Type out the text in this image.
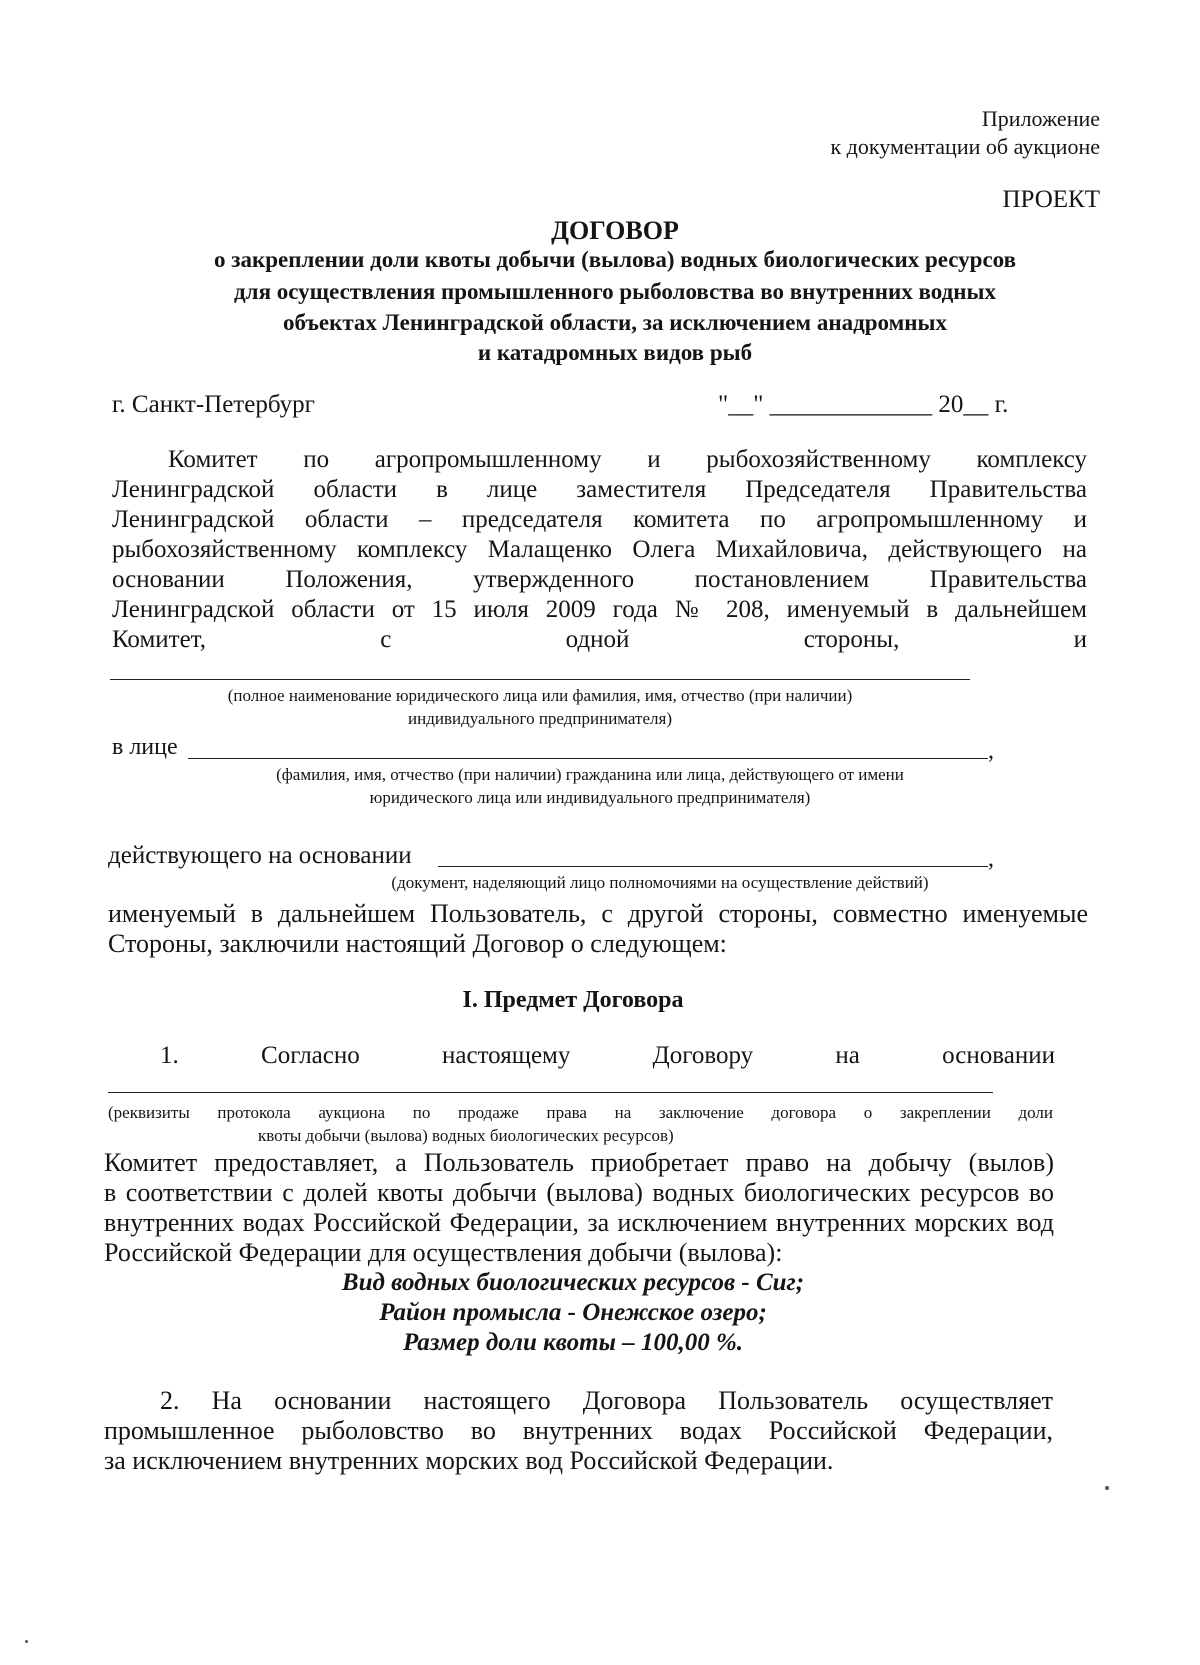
Приложение
к документации об аукционе
ПРОЕКТ
ДОГОВОР
о закреплении доли квоты добычи (вылова) водных биологических ресурсов
для осуществления промышленного рыболовства во внутренних водных
объектах Ленинградской области, за исключением анадромных
и катадромных видов рыб
г. Санкт-Петербург	"__" _____________ 20__ г.
Комитет по агропромышленному и рыбохозяйственному комплексу
Ленинградской области в лице заместителя Председателя Правительства
Ленинградской области – председателя комитета по агропромышленному и
рыбохозяйственному комплексу Малащенко Олега Михайловича, действующего на
основании Положения, утвержденного постановлением Правительства
Ленинградской области от 15 июля 2009 года № 208, именуемый в дальнейшем
Комитет, с одной стороны, и
(полное наименование юридического лица или фамилия, имя, отчество (при наличии)
индивидуального предпринимателя)
в лице	,
(фамилия, имя, отчество (при наличии) гражданина или лица, действующего от имени
юридического лица или индивидуального предпринимателя)
действующего на основании	,
(документ, наделяющий лицо полномочиями на осуществление действий)
именуемый в дальнейшем Пользователь, с другой стороны, совместно именуемые
Стороны, заключили настоящий Договор о следующем:
I. Предмет Договора
1. Согласно настоящему Договору на основании
(реквизиты протокола аукциона по продаже права на заключение договора о закреплении доли
квоты добычи (вылова) водных биологических ресурсов)
Комитет предоставляет, а Пользователь приобретает право на добычу (вылов)
в соответствии с долей квоты добычи (вылова) водных биологических ресурсов во
внутренних водах Российской Федерации, за исключением внутренних морских вод
Российской Федерации для осуществления добычи (вылова):
Вид водных биологических ресурсов - Сиг;
Район промысла - Онежское озеро;
Размер доли квоты – 100,00 %.
2. На основании настоящего Договора Пользователь осуществляет
промышленное рыболовство во внутренних водах Российской Федерации,
за исключением внутренних морских вод Российской Федерации.
